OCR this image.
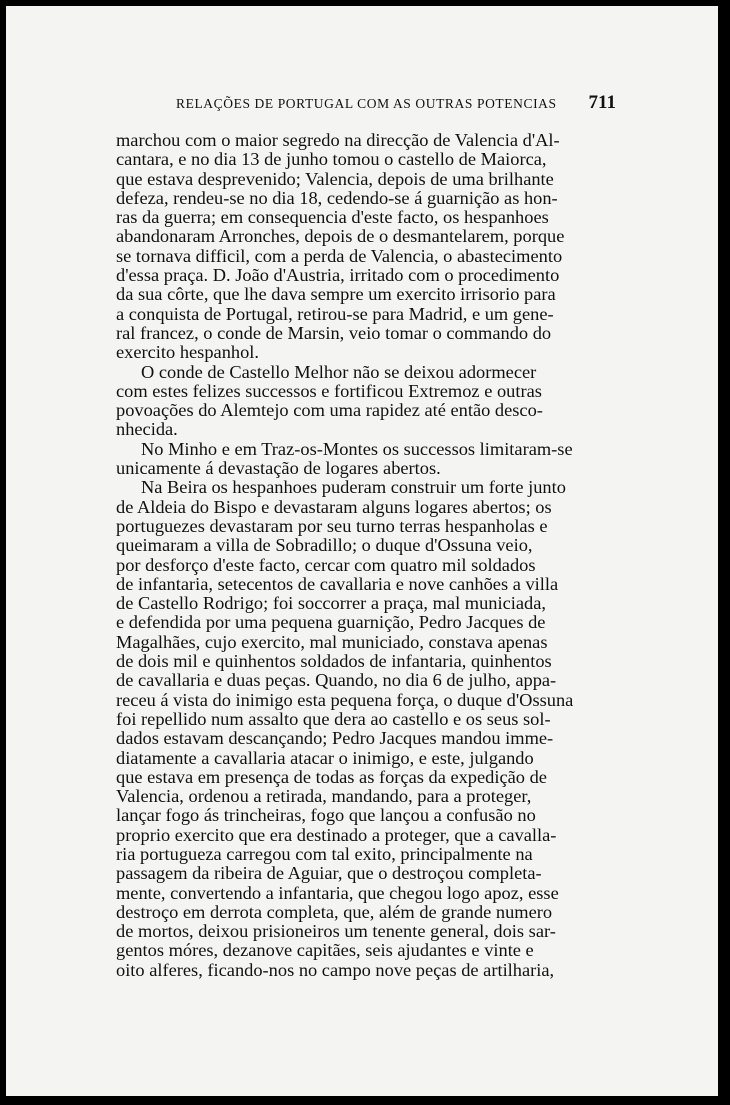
RELAÇÕES DE PORTUGAL COM AS OUTRAS POTENCIAS 711

marchou com o maior segredo na direcção de Valencia d'Al-
cantara, e no dia 13 de junho tomou o castello de Maiorca,
que estava desprevenido; Valencia, depois de uma brilhante
defeza, rendeu-se no dia 18, cedendo-se á guarnição as hon-
ras da guerra; em consequencia d'este facto, os hespanhoes
abandonaram Arronches, depois de o desmantelarem, porque
se tornava difficil, com a perda de Valencia, o abastecimento
d'essa praça. D. João d'Austria, irritado com o procedimento
da sua côrte, que lhe dava sempre um exercito irrisorio para
a conquista de Portugal, retirou-se para Madrid, e um gene-
ral francez, o conde de Marsin, veio tomar o commando do
exercito hespanhol.

O conde de Castello Melhor não se deixou adormecer
com estes felizes successos e fortificou Extremoz e outras
povoações do Alemtejo com uma rapidez até então desco-
nhecida.

No Minho e em Traz-os-Montes os successos limitaram-se
unicamente á devastação de logares abertos.

Na Beira os hespanhoes puderam construir um forte junto
de Aldeia do Bispo e devastaram alguns logares abertos; os
portuguezes devastaram por seu turno terras hespanholas e
queimaram a villa de Sobradillo; o duque d'Ossuna veio,
por desforço d'este facto, cercar com quatro mil soldados
de infantaria, setecentos de cavallaria e nove canhões a villa
de Castello Rodrigo; foi soccorrer a praça, mal municiada,
e defendida por uma pequena guarnição, Pedro Jacques de
Magalhães, cujo exercito, mal municiado, constava apenas
de dois mil e quinhentos soldados de infantaria, quinhentos
de cavallaria e duas peças. Quando, no dia 6 de julho, appa-
receu á vista do inimigo esta pequena força, o duque d'Ossuna
foi repellido num assalto que dera ao castello e os seus sol-
dados estavam descançando; Pedro Jacques mandou imme-
diatamente a cavallaria atacar o inimigo, e este, julgando
que estava em presença de todas as forças da expedição de
Valencia, ordenou a retirada, mandando, para a proteger,
lançar fogo ás trincheiras, fogo que lançou a confusão no
proprio exercito que era destinado a proteger, que a cavalla-
ria portugueza carregou com tal exito, principalmente na
passagem da ribeira de Aguiar, que o destroçou completa-
mente, convertendo a infantaria, que chegou logo apoz, esse
destroço em derrota completa, que, além de grande numero
de mortos, deixou prisioneiros um tenente general, dois sar-
gentos móres, dezanove capitães, seis ajudantes e vinte e
oito alferes, ficando-nos no campo nove peças de artilharia,
